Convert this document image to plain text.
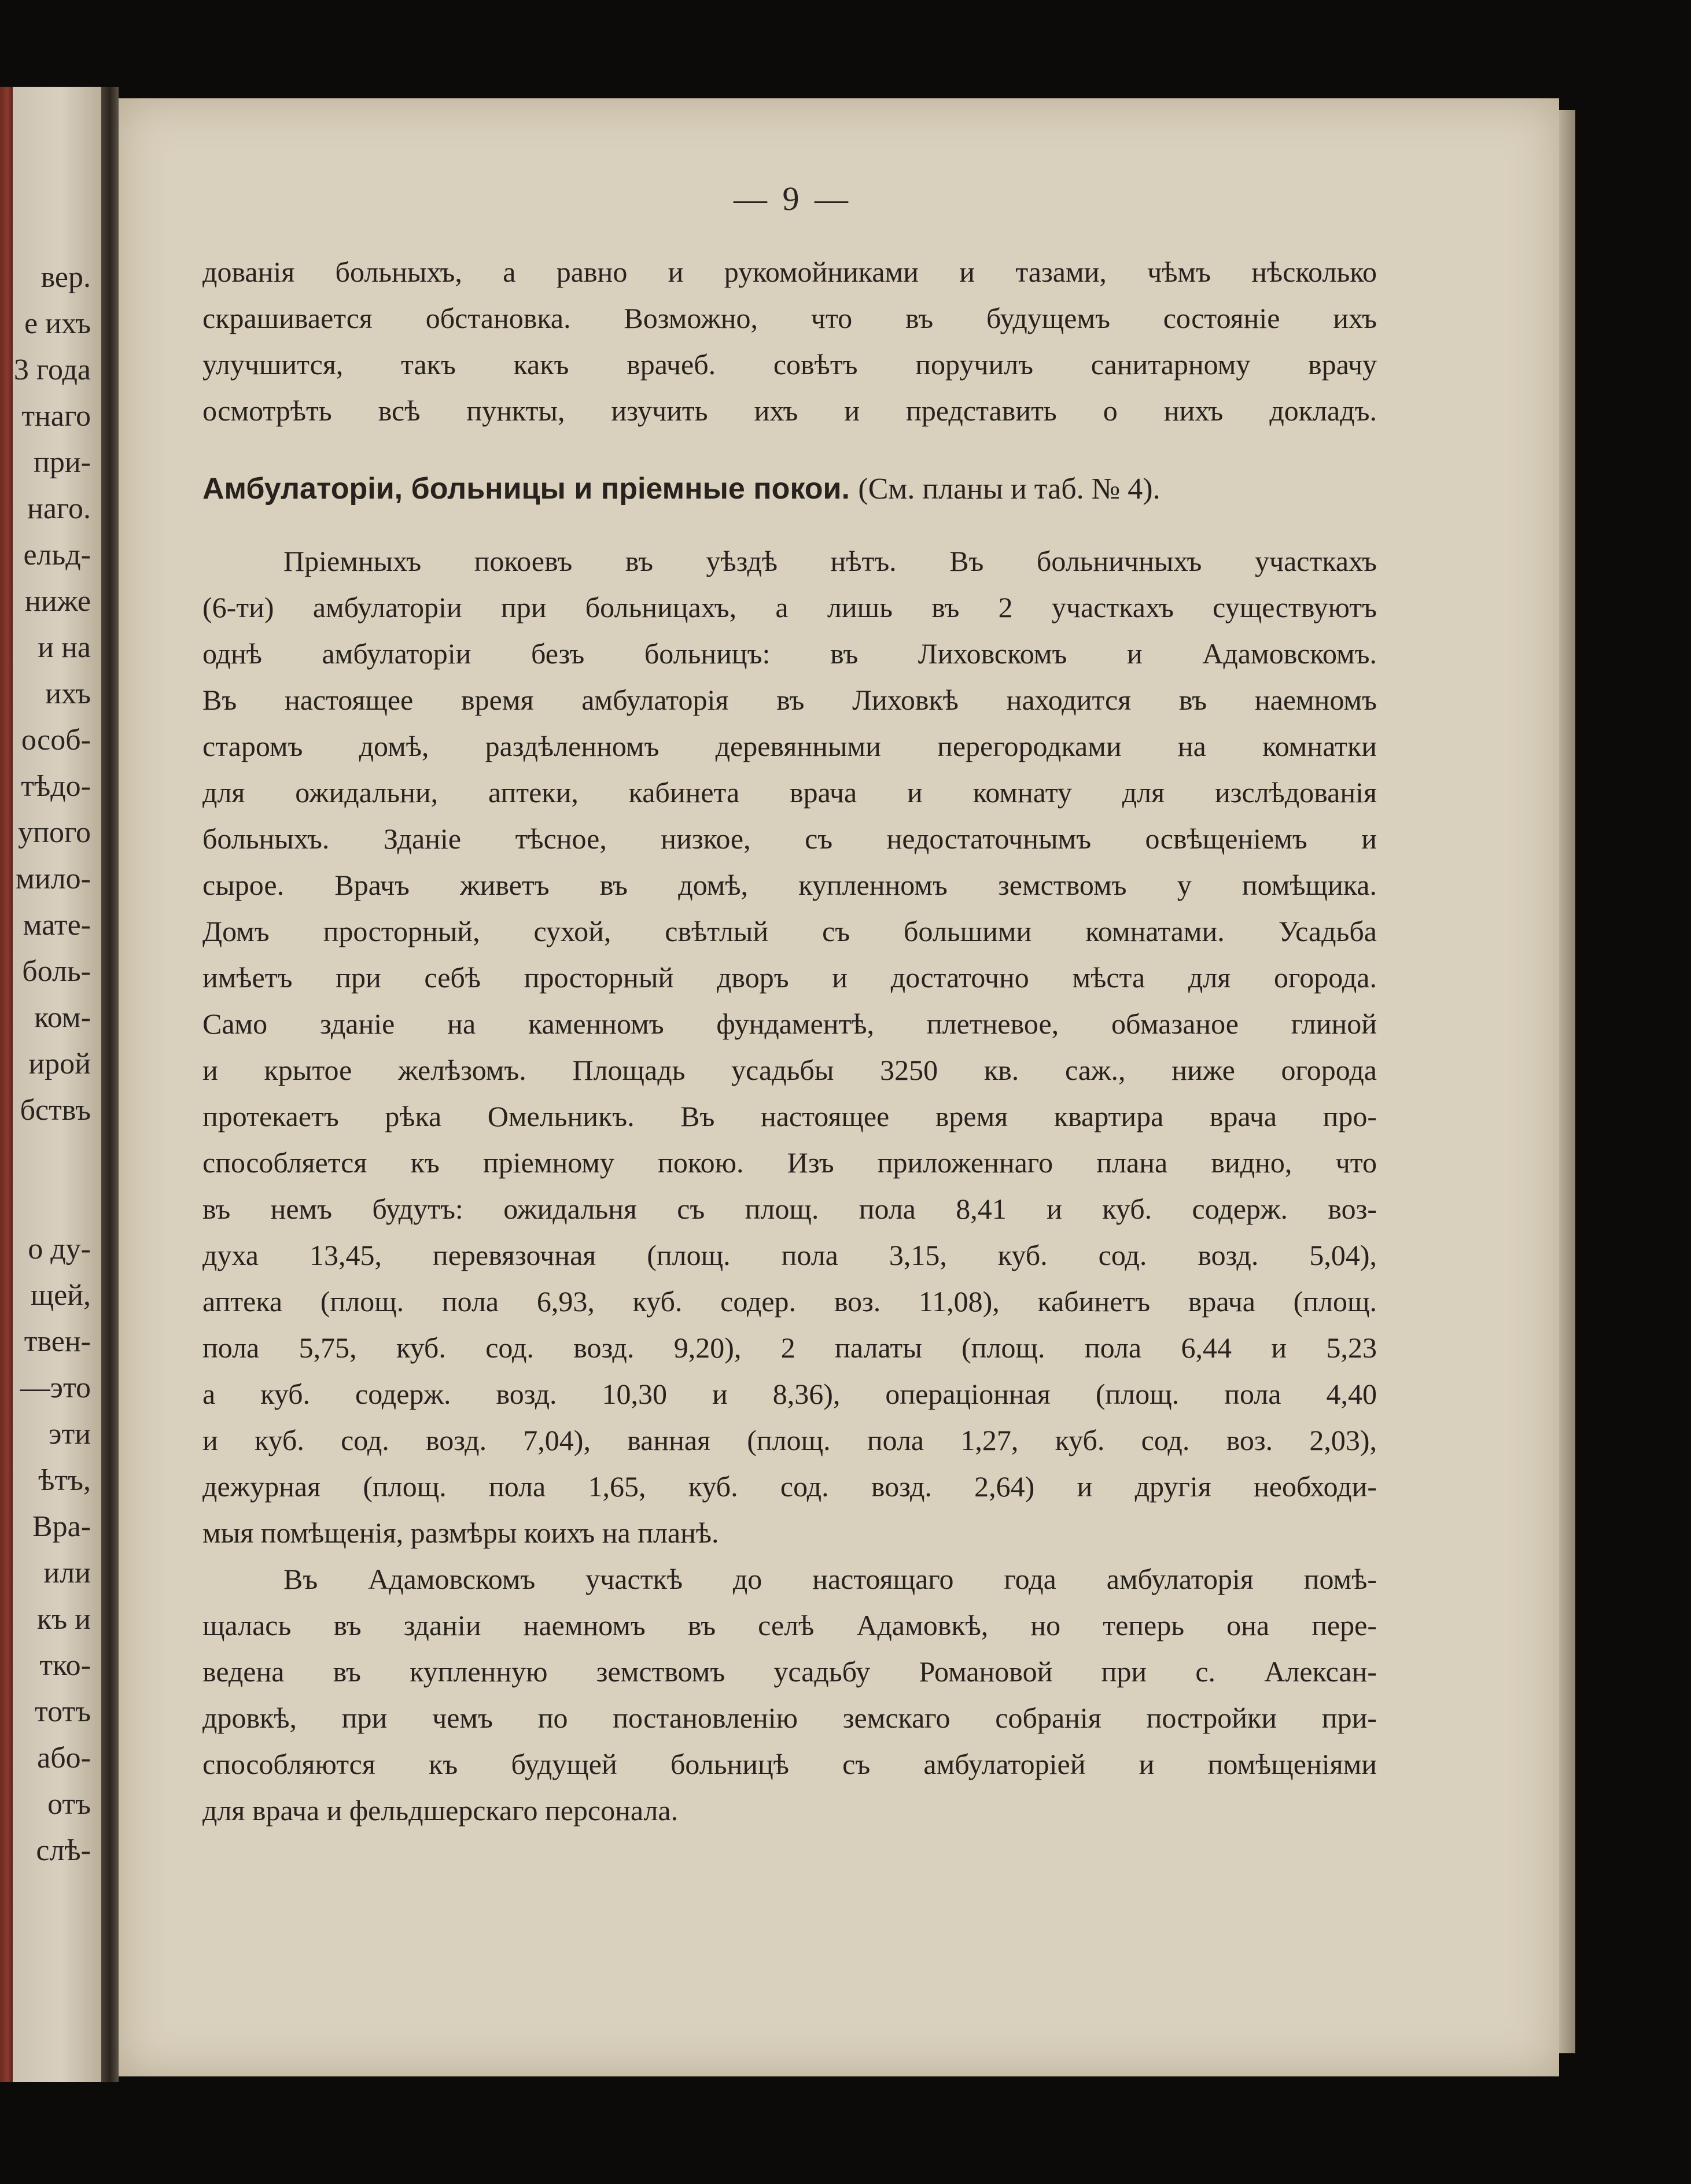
вер.
е ихъ
3 года
тнаго
при-
наго.
ельд-
ниже
и на
ихъ
особ-
тѣдо-
упого
мило-
мате-
боль-
ком-
ирой
бствъ
о ду-
щей,
твен-
—это
эти
ѣтъ,
Вра-
или
къ и
тко-
тотъ
або-
отъ
слѣ-
— 9 —
дованія больныхъ, а равно и рукомойниками и тазами, чѣмъ нѣсколько
скрашивается обстановка. Возможно, что въ будущемъ состояніе ихъ
улучшится, такъ какъ врачеб. совѣтъ поручилъ санитарному врачу
осмотрѣть всѣ пункты, изучить ихъ и представить о нихъ докладъ.
Амбулаторіи, больницы и пріемные покои. (См. планы и таб. № 4).
Пріемныхъ покоевъ въ уѣздѣ нѣтъ. Въ больничныхъ участкахъ
(6-ти) амбулаторіи при больницахъ, а лишь въ 2 участкахъ существуютъ
однѣ амбулаторіи безъ больницъ: въ Лиховскомъ и Адамовскомъ.
Въ настоящее время амбулаторія въ Лиховкѣ находится въ наемномъ
старомъ домѣ, раздѣленномъ деревянными перегородками на комнатки
для ожидальни, аптеки, кабинета врача и комнату для изслѣдованія
больныхъ. Зданіе тѣсное, низкое, съ недостаточнымъ освѣщеніемъ и
сырое. Врачъ живетъ въ домѣ, купленномъ земствомъ у помѣщика.
Домъ просторный, сухой, свѣтлый съ большими комнатами. Усадьба
имѣетъ при себѣ просторный дворъ и достаточно мѣста для огорода.
Само зданіе на каменномъ фундаментѣ, плетневое, обмазаное глиной
и крытое желѣзомъ. Площадь усадьбы 3250 кв. саж., ниже огорода
протекаетъ рѣка Омельникъ. Въ настоящее время квартира врача про-
способляется къ пріемному покою. Изъ приложеннаго плана видно, что
въ немъ будутъ: ожидальня съ площ. пола 8,41 и куб. содерж. воз-
духа 13,45, перевязочная (площ. пола 3,15, куб. сод. возд. 5,04),
аптека (площ. пола 6,93, куб. содер. воз. 11,08), кабинетъ врача (площ.
пола 5,75, куб. сод. возд. 9,20), 2 палаты (площ. пола 6,44 и 5,23
а куб. содерж. возд. 10,30 и 8,36), операціонная (площ. пола 4,40
и куб. сод. возд. 7,04), ванная (площ. пола 1,27, куб. сод. воз. 2,03),
дежурная (площ. пола 1,65, куб. сод. возд. 2,64) и другія необходи-
мыя помѣщенія, размѣры коихъ на планѣ.
Въ Адамовскомъ участкѣ до настоящаго года амбулаторія помѣ-
щалась въ зданіи наемномъ въ селѣ Адамовкѣ, но теперь она пере-
ведена въ купленную земствомъ усадьбу Романовой при с. Алексан-
дровкѣ, при чемъ по постановленію земскаго собранія постройки при-
способляются къ будущей больницѣ съ амбулаторіей и помѣщеніями
для врача и фельдшерскаго персонала.
